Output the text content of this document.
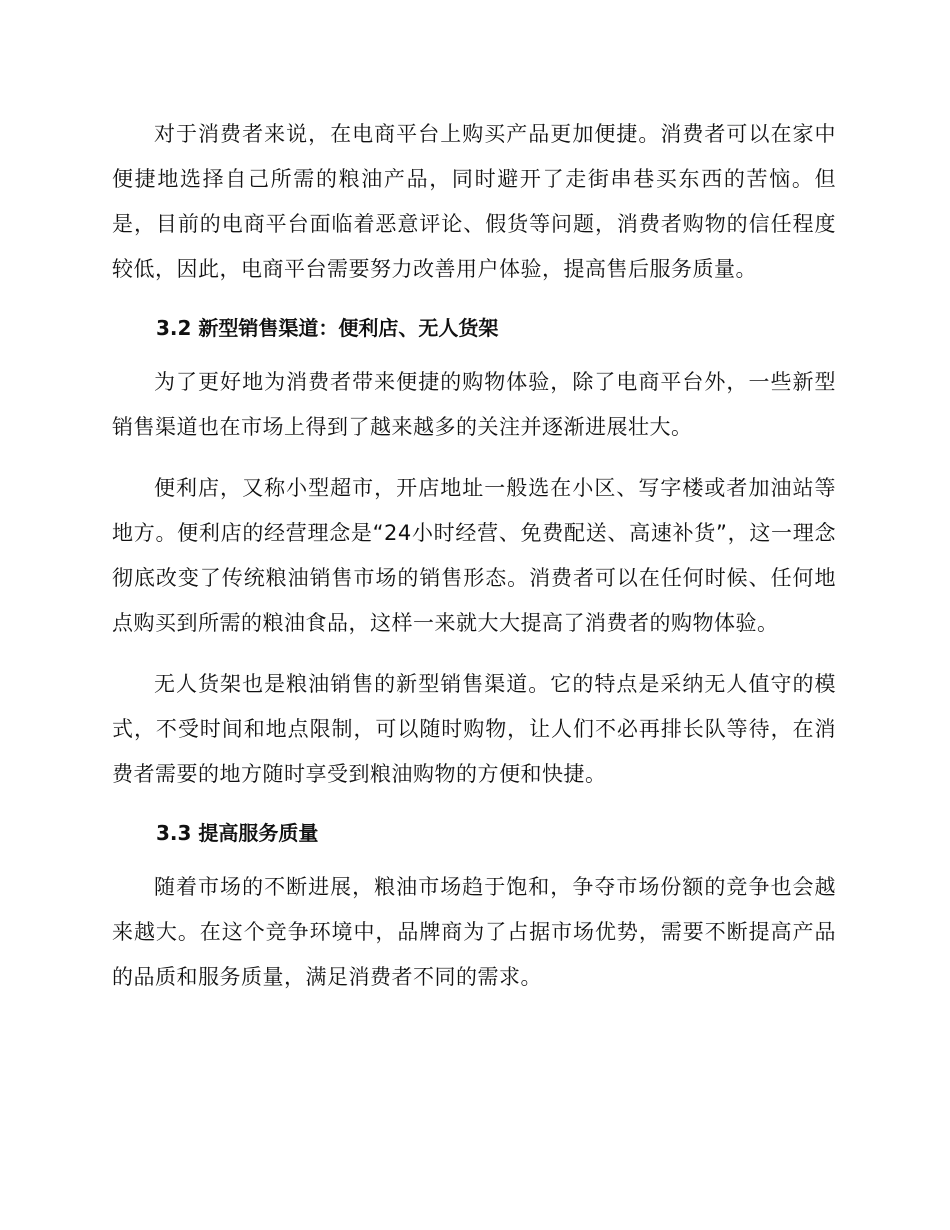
对于消费者来说，在电商平台上购买产品更加便捷。消费者可以在家中便捷地选择自己所需的粮油产品，同时避开了走街串巷买东西的苦恼。但是，目前的电商平台面临着恶意评论、假货等问题，消费者购物的信任程度较低，因此，电商平台需要努力改善用户体验，提高售后服务质量。

3.2 新型销售渠道：便利店、无人货架

为了更好地为消费者带来便捷的购物体验，除了电商平台外，一些新型销售渠道也在市场上得到了越来越多的关注并逐渐进展壮大。

便利店，又称小型超市，开店地址一般选在小区、写字楼或者加油站等地方。便利店的经营理念是“24小时经营、免费配送、高速补货”，这一理念彻底改变了传统粮油销售市场的销售形态。消费者可以在任何时候、任何地点购买到所需的粮油食品，这样一来就大大提高了消费者的购物体验。

无人货架也是粮油销售的新型销售渠道。它的特点是采纳无人值守的模式，不受时间和地点限制，可以随时购物，让人们不必再排长队等待，在消费者需要的地方随时享受到粮油购物的方便和快捷。

3.3 提高服务质量

随着市场的不断进展，粮油市场趋于饱和，争夺市场份额的竞争也会越来越大。在这个竞争环境中，品牌商为了占据市场优势，需要不断提高产品的品质和服务质量，满足消费者不同的需求。
